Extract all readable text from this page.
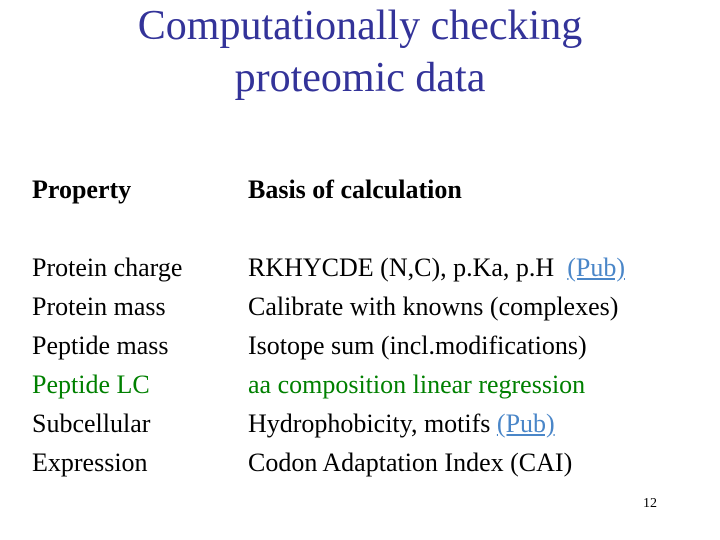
Computationally checking
proteomic data
Property	Basis of calculation
Protein charge	RKHYCDE (N,C), p.Ka, p.H (Pub)
Protein mass	Calibrate with knowns (complexes)
Peptide mass	Isotope sum (incl.modifications)
Peptide LC	aa composition linear regression
Subcellular	Hydrophobicity, motifs (Pub)
Expression	Codon Adaptation Index (CAI)
12
